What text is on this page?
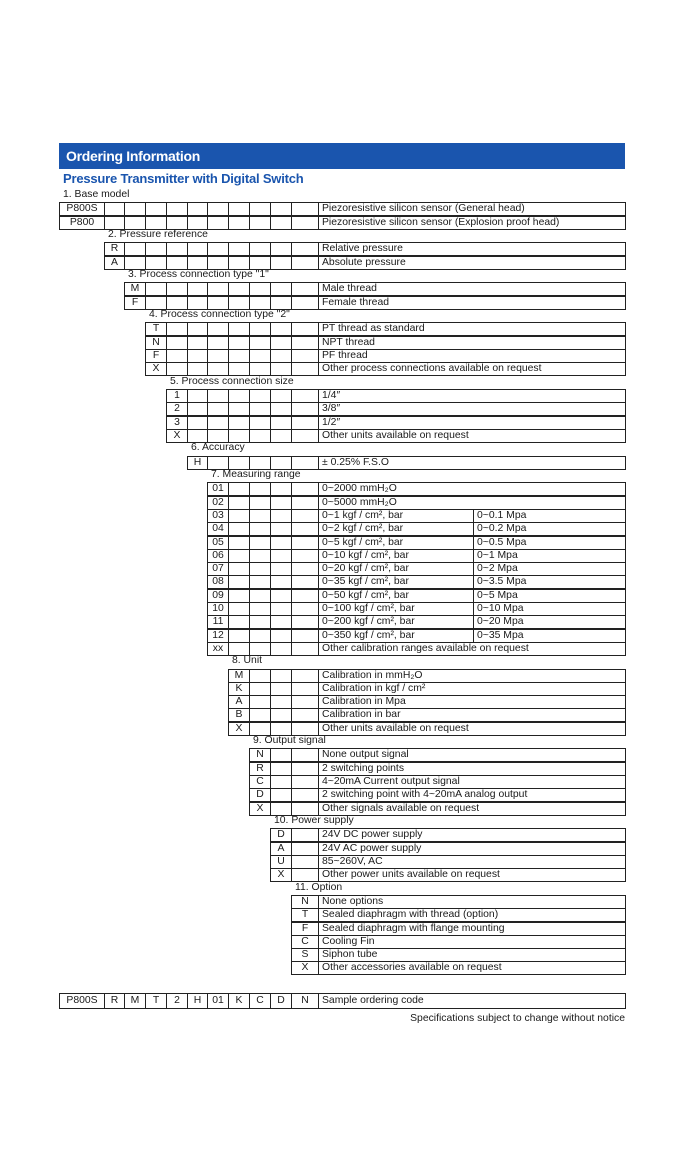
Ordering Information
Pressure Transmitter with Digital Switch
1. Base model
P800S	Piezoresistive silicon sensor (General head)
P800	Piezoresistive silicon sensor (Explosion proof head)
2. Pressure reference
R	Relative pressure
A	Absolute pressure
3. Process connection type "1"
M	Male thread
F	Female thread
4. Process connection type "2"
T	PT thread as standard
N	NPT thread
F	PF thread
X	Other process connections available on request
5. Process connection size
1	1/4″
2	3/8″
3	1/2″
X	Other units available on request
6. Accuracy
H	± 0.25% F.S.O
7. Measuring range
01	0~2000 mmH₂O
02	0~5000 mmH₂O
03	0~1 kgf / cm², bar	0~0.1 Mpa
04	0~2 kgf / cm², bar	0~0.2 Mpa
05	0~5 kgf / cm², bar	0~0.5 Mpa
06	0~10 kgf / cm², bar	0~1 Mpa
07	0~20 kgf / cm², bar	0~2 Mpa
08	0~35 kgf / cm², bar	0~3.5 Mpa
09	0~50 kgf / cm², bar	0~5 Mpa
10	0~100 kgf / cm², bar	0~10 Mpa
11	0~200 kgf / cm², bar	0~20 Mpa
12	0~350 kgf / cm², bar	0~35 Mpa
xx	Other calibration ranges available on request
8. Unit
M	Calibration in mmH₂O
K	Calibration in kgf / cm²
A	Calibration in Mpa
B	Calibration in bar
X	Other units available on request
9. Output signal
N	None output signal
R	2 switching points
C	4~20mA Current output signal
D	2 switching point with 4~20mA analog output
X	Other signals available on request
10. Power supply
D	24V DC power supply
A	24V AC power supply
U	85~260V, AC
X	Other power units available on request
11. Option
N	None options
T	Sealed diaphragm with thread (option)
F	Sealed diaphragm with flange mounting
C	Cooling Fin
S	Siphon tube
X	Other accessories available on request
P800S	R	M	T	2	H	01	K	C	D	N	Sample ordering code
Specifications subject to change without notice
